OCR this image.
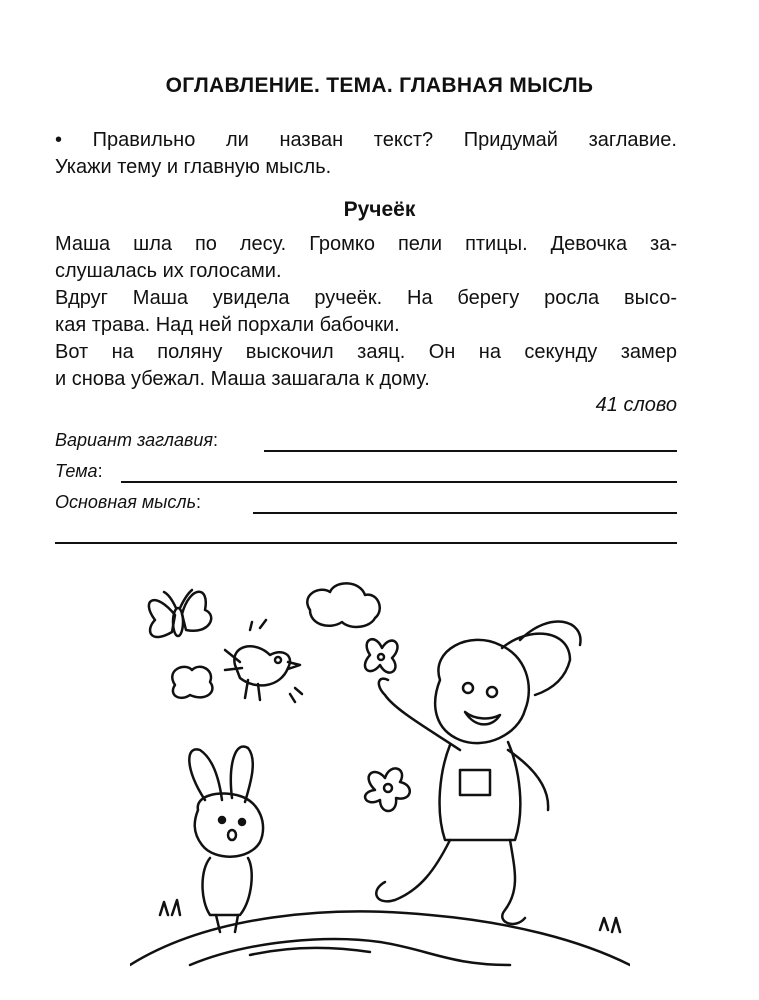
ОГЛАВЛЕНИЕ. ТЕМА. ГЛАВНАЯ МЫСЛЬ
• Правильно ли назван текст? Придумай заглавие.
Укажи тему и главную мысль.
Ручеёк
Маша шла по лесу. Громко пели птицы. Девочка за-
слушалась их голосами.
Вдруг Маша увидела ручеёк. На берегу росла высо-
кая трава. Над ней порхали бабочки.
Вот на поляну выскочил заяц. Он на секунду замер
и снова убежал. Маша зашагала к дому.
41 слово
Вариант заглавия:
Тема:
Основная мысль:
